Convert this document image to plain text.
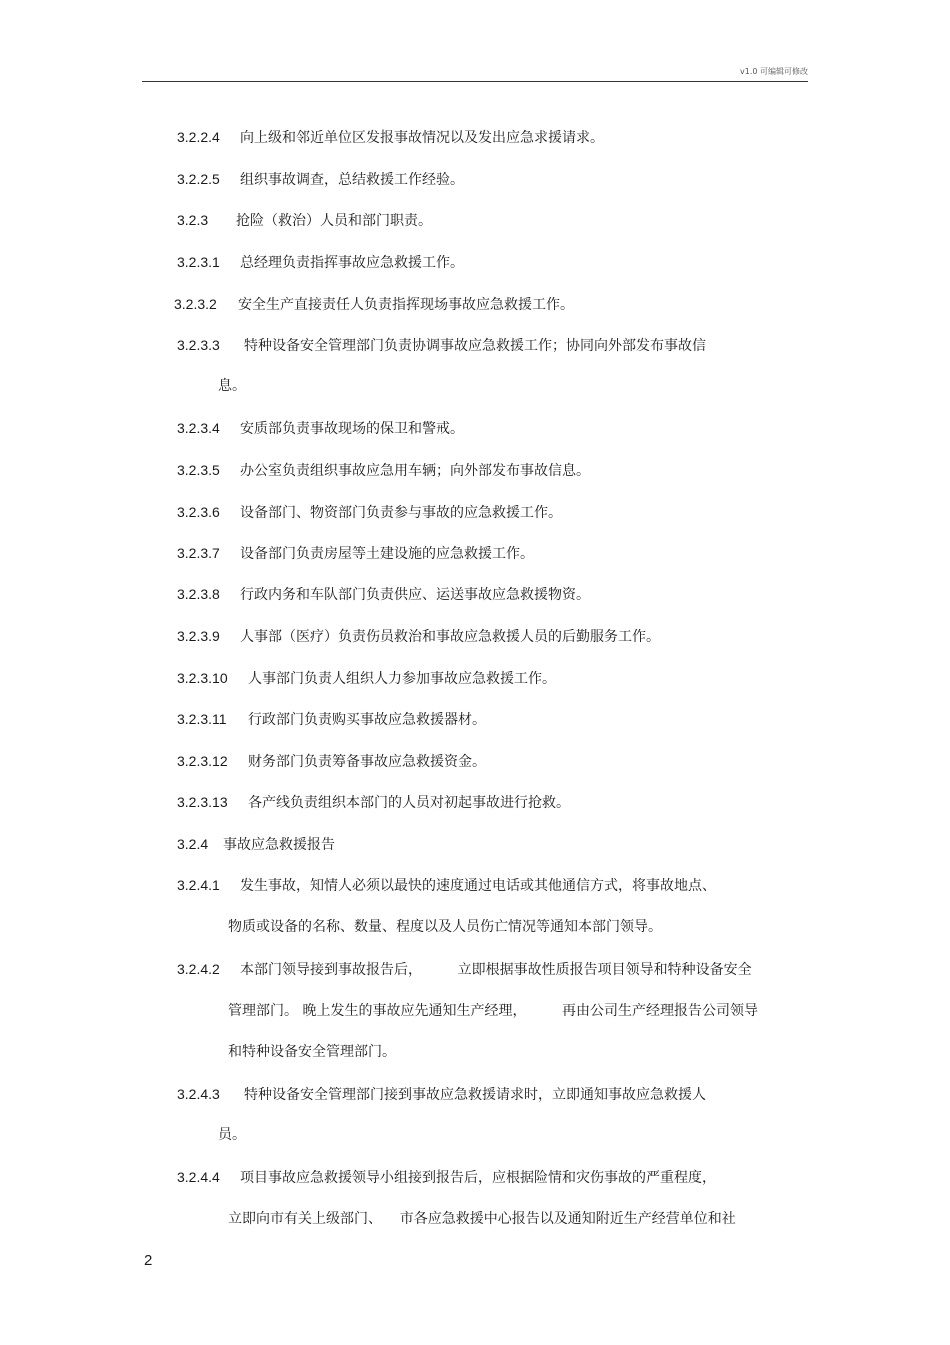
v1.0 可编辑可修改
3.2.2.4 向上级和邻近单位区发报事故情况以及发出应急求援请求。
3.2.2.5 组织事故调查，总结救援工作经验。
3.2.3 抢险（救治）人员和部门职责。
3.2.3.1 总经理负责指挥事故应急救援工作。
3.2.3.2 安全生产直接责任人负责指挥现场事故应急救援工作。
3.2.3.3 特种设备安全管理部门负责协调事故应急救援工作；协同向外部发布事故信
息。
3.2.3.4 安质部负责事故现场的保卫和警戒。
3.2.3.5 办公室负责组织事故应急用车辆；向外部发布事故信息。
3.2.3.6 设备部门、物资部门负责参与事故的应急救援工作。
3.2.3.7 设备部门负责房屋等土建设施的应急救援工作。
3.2.3.8 行政内务和车队部门负责供应、运送事故应急救援物资。
3.2.3.9 人事部（医疗）负责伤员救治和事故应急救援人员的后勤服务工作。
3.2.3.10 人事部门负责人组织人力参加事故应急救援工作。
3.2.3.11 行政部门负责购买事故应急救援器材。
3.2.3.12 财务部门负责筹备事故应急救援资金。
3.2.3.13 各产线负责组织本部门的人员对初起事故进行抢救。
3.2.4 事故应急救援报告
3.2.4.1 发生事故，知情人必须以最快的速度通过电话或其他通信方式，将事故地点、
物质或设备的名称、数量、程度以及人员伤亡情况等通知本部门领导。
3.2.4.2 本部门领导接到事故报告后，        立即根据事故性质报告项目领导和特种设备安全
管理部门。 晚上发生的事故应先通知生产经理，        再由公司生产经理报告公司领导
和特种设备安全管理部门。
3.2.4.3 特种设备安全管理部门接到事故应急救援请求时，立即通知事故应急救援人
员。
3.2.4.4 项目事故应急救援领导小组接到报告后，应根据险情和灾伤事故的严重程度，
立即向市有关上级部门、    市各应急救援中心报告以及通知附近生产经营单位和社
2
